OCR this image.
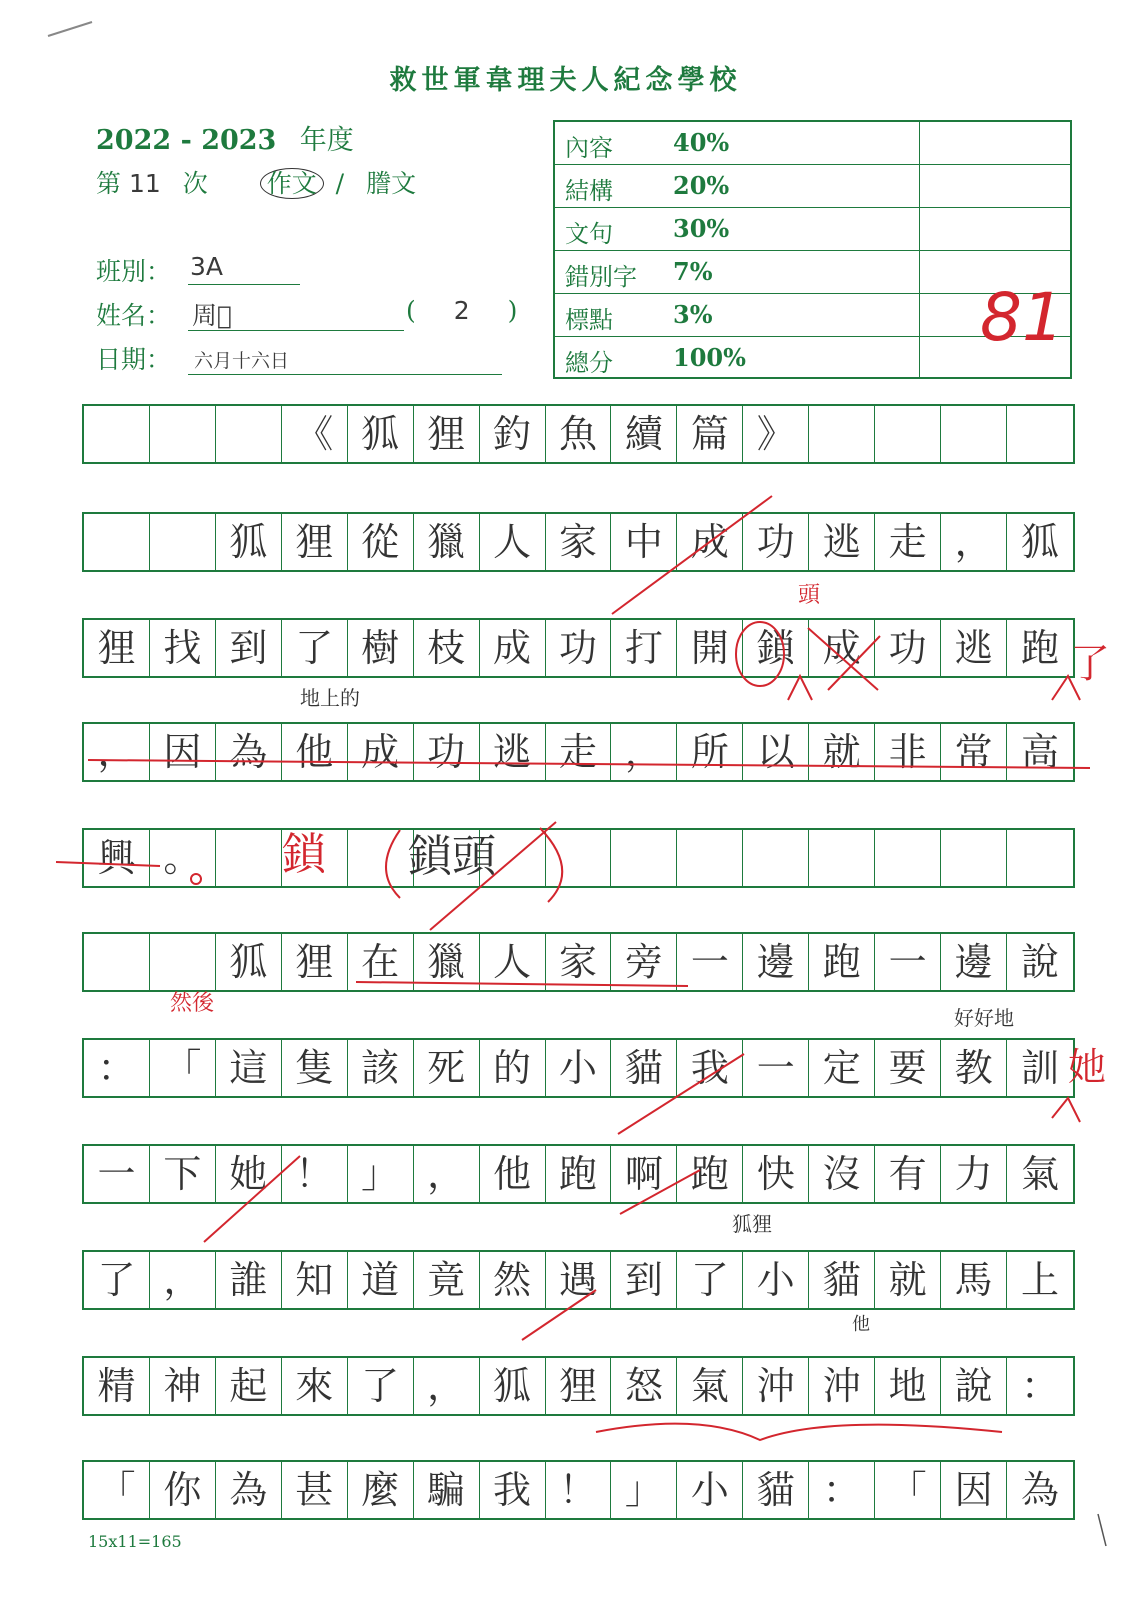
救世軍韋理夫人紀念學校
2022 - 2023 年度
第 11 次 作文 / 謄文
班別： 3A
姓名： 周𫝀	( 2 )
日期： 六月十六日
內容	40%
結構	20%
文句	30%
錯別字 7%
標點	3%
總分	100%
81
《 狐 狸 釣 魚 續 篇 》
狐 狸 從 獵 人 家 中 成 功 逃 走 ， 狐
狸 找 到 了 樹 枝 成 功 打 開 鎖 成 功 逃 跑
， 因 為 他 成 功 逃 走 ， 所 以 就 非 常 高
興 。
狐 狸 在 獵 人 家 旁 一 邊 跑 一 邊 說
： 「 這 隻 該 死 的 小 貓 我 一 定 要 教 訓
一 下 她 ！ 」 ， 他 跑 啊 跑 快 沒 有 力 氣
了 ， 誰 知 道 竟 然 遇 到 了 小 貓 就 馬 上
精 神 起 來 了 ， 狐 狸 怒 氣 沖 沖 地 說 ：
「 你 為 甚 麼 騙 我 ！ 」 小 貓 ： 「 因 為
頭
了
地上的
鎖 鎖頭
然後
好好地
她
狐狸
他
15x11=165
